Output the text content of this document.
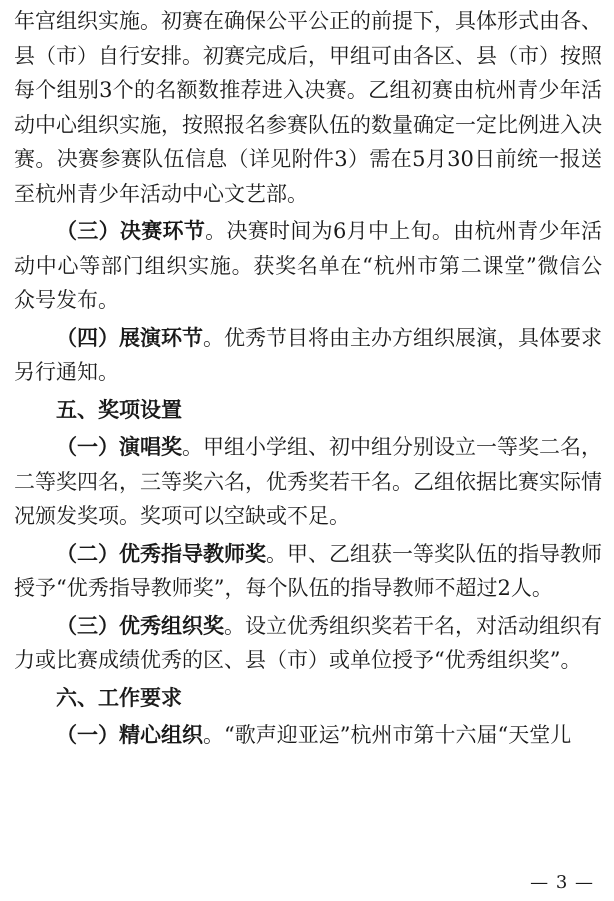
年宫组织实施。初赛在确保公平公正的前提下，具体形式由各、县（市）自行安排。初赛完成后，甲组可由各区、县（市）按照每个组别3个的名额数推荐进入决赛。乙组初赛由杭州青少年活动中心组织实施，按照报名参赛队伍的数量确定一定比例进入决赛。决赛参赛队伍信息（详见附件3）需在5月30日前统一报送至杭州青少年活动中心文艺部。

（三）决赛环节。决赛时间为6月中上旬。由杭州青少年活动中心等部门组织实施。获奖名单在“杭州市第二课堂”微信公众号发布。

（四）展演环节。优秀节目将由主办方组织展演，具体要求另行通知。

五、奖项设置

（一）演唱奖。甲组小学组、初中组分别设立一等奖二名，二等奖四名，三等奖六名，优秀奖若干名。乙组依据比赛实际情况颁发奖项。奖项可以空缺或不足。

（二）优秀指导教师奖。甲、乙组获一等奖队伍的指导教师授予“优秀指导教师奖”，每个队伍的指导教师不超过2人。

（三）优秀组织奖。设立优秀组织奖若干名，对活动组织有力或比赛成绩优秀的区、县（市）或单位授予“优秀组织奖”。

六、工作要求

（一）精心组织。“歌声迎亚运”杭州市第十六届“天堂儿

— 3 —
